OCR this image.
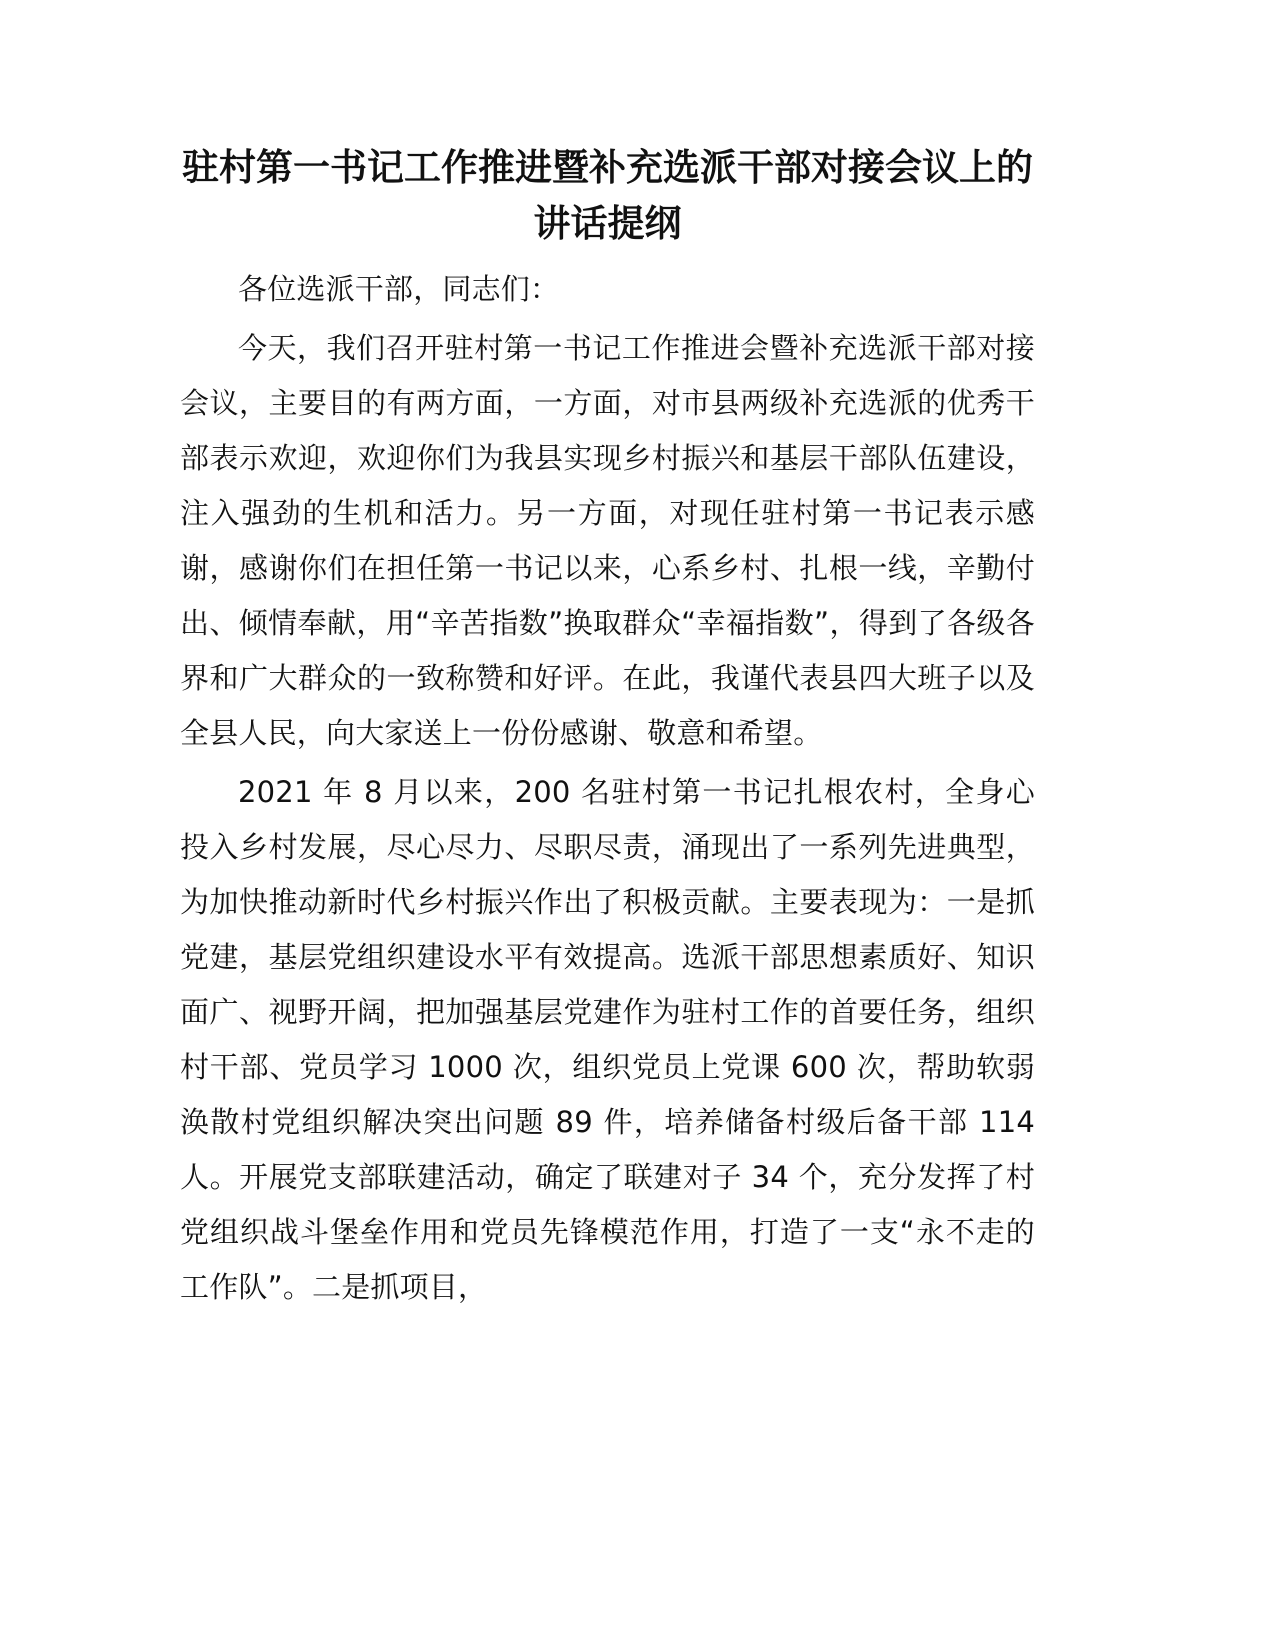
驻村第一书记工作推进暨补充选派干部对接会议上的讲话提纲

各位选派干部，同志们：

今天，我们召开驻村第一书记工作推进会暨补充选派干部对接会议，主要目的有两方面，一方面，对市县两级补充选派的优秀干部表示欢迎，欢迎你们为我县实现乡村振兴和基层干部队伍建设，注入强劲的生机和活力。另一方面，对现任驻村第一书记表示感谢，感谢你们在担任第一书记以来，心系乡村、扎根一线，辛勤付出、倾情奉献，用“辛苦指数”换取群众“幸福指数”，得到了各级各界和广大群众的一致称赞和好评。在此，我谨代表县四大班子以及全县人民，向大家送上一份份感谢、敬意和希望。

2021 年 8 月以来，200 名驻村第一书记扎根农村，全身心投入乡村发展，尽心尽力、尽职尽责，涌现出了一系列先进典型，为加快推动新时代乡村振兴作出了积极贡献。主要表现为：一是抓党建，基层党组织建设水平有效提高。选派干部思想素质好、知识面广、视野开阔，把加强基层党建作为驻村工作的首要任务，组织村干部、党员学习 1000 次，组织党员上党课 600 次，帮助软弱涣散村党组织解决突出问题 89 件，培养储备村级后备干部 114 人。开展党支部联建活动，确定了联建对子 34 个，充分发挥了村党组织战斗堡垒作用和党员先锋模范作用，打造了一支“永不走的工作队”。二是抓项目，
